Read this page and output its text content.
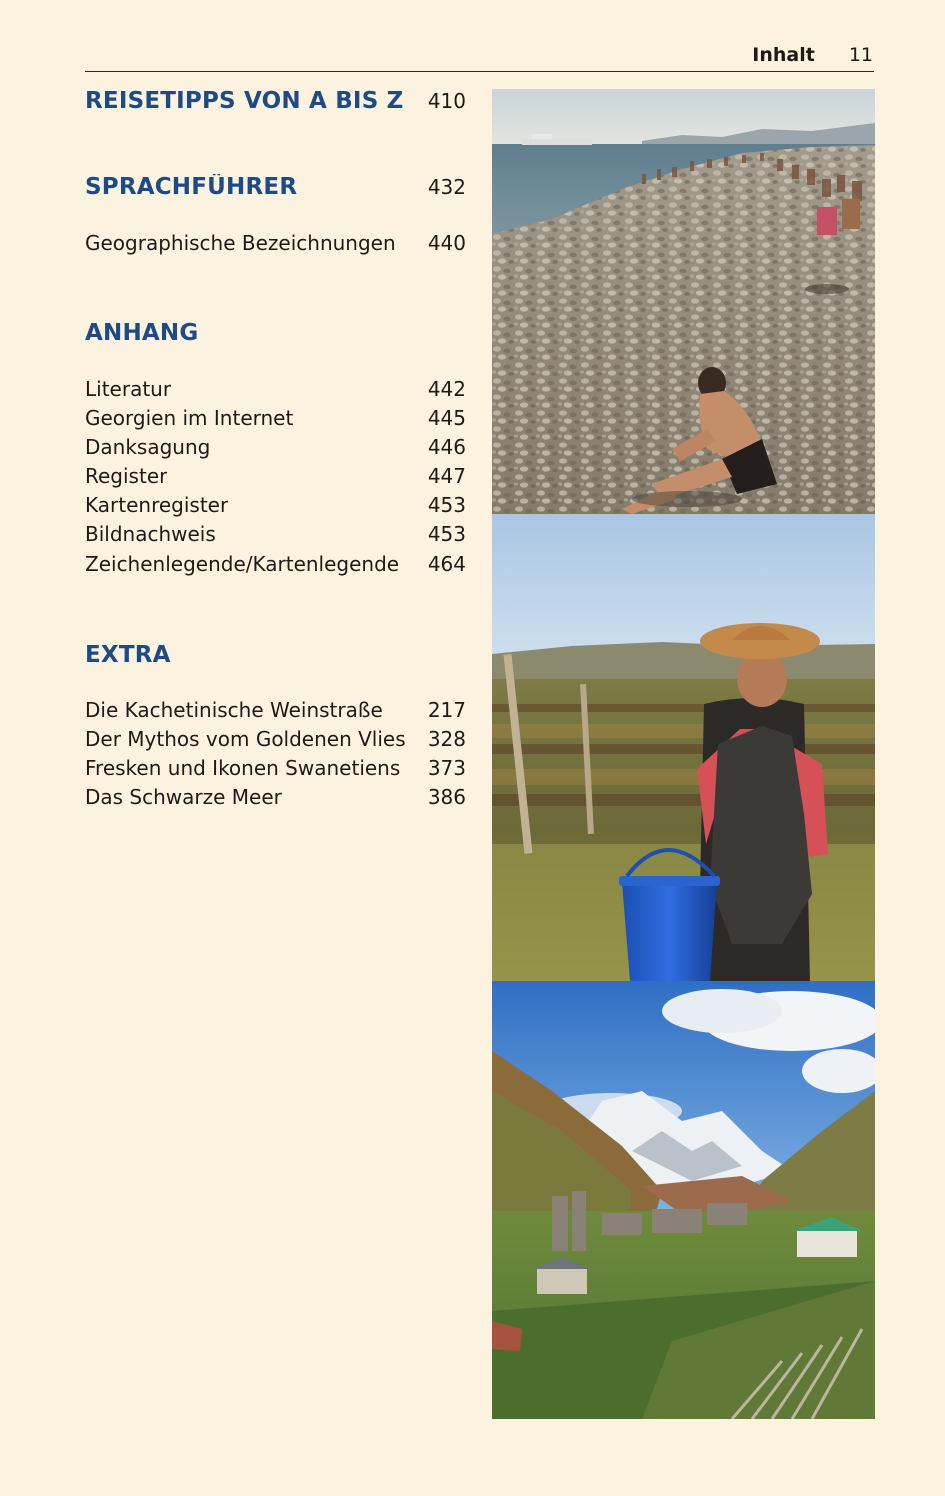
Inhalt 11
REISETIPPS VON A BIS Z 410
SPRACHFÜHRER	432
Geographische Bezeichnungen 440
ANHANG
Literatur	442
Georgien im Internet	445
Danksagung	446
Register	447
Kartenregister	453
Bildnachweis	453
Zeichenlegende/Kartenlegende 464
EXTRA
Die Kachetinische Weinstraße 217
Der Mythos vom Goldenen Vlies 328
Fresken und Ikonen Swanetiens 373
Das Schwarze Meer	386
